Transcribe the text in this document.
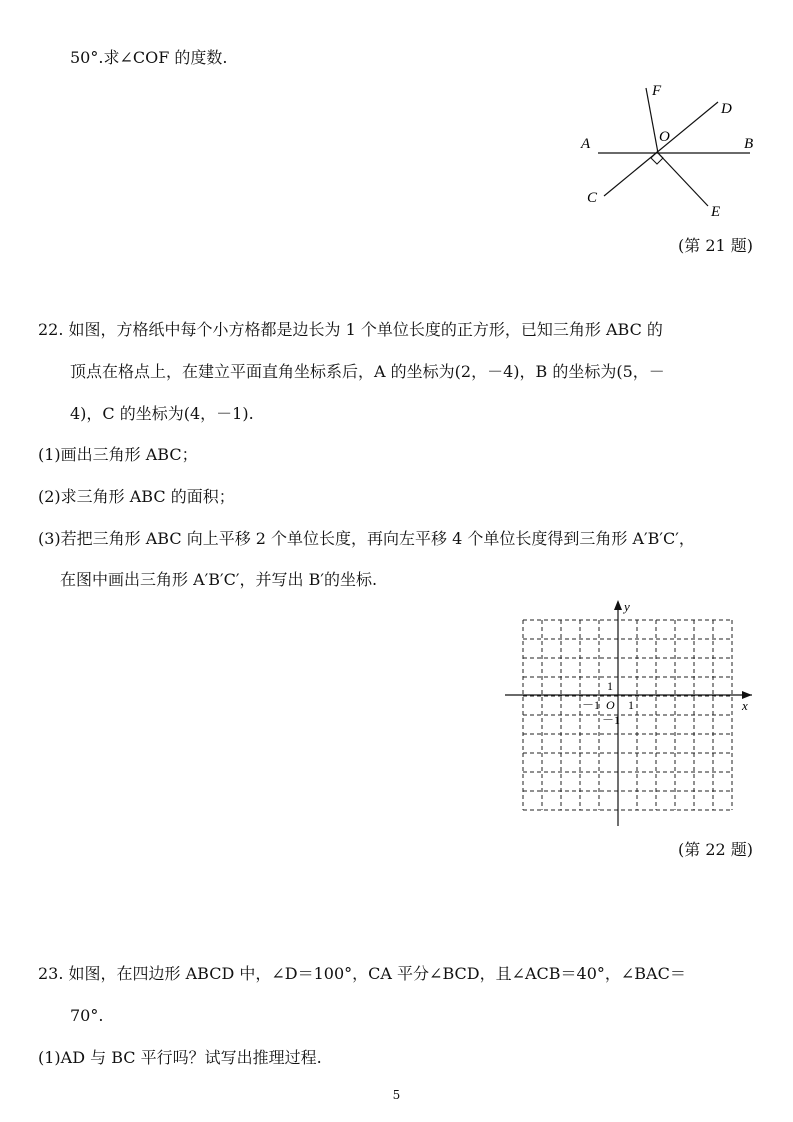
50°.求∠COF 的度数.
A	B
C
D
E
F
O
(第 21 题)
22. 如图，方格纸中每个小方格都是边长为 1 个单位长度的正方形，已知三角形 ABC 的
顶点在格点上，在建立平面直角坐标系后，A 的坐标为(2，－4)，B 的坐标为(5，－
4)，C 的坐标为(4，－1).
(1)画出三角形 ABC；
(2)求三角形 ABC 的面积；
(3)若把三角形 ABC 向上平移 2 个单位长度，再向左平移 4 个单位长度得到三角形 A′B′C′，
在图中画出三角形 A′B′C′，并写出 B′的坐标.
x
y
O 1
1
－1
－1
(第 22 题)
23. 如图，在四边形 ABCD 中，∠D＝100°，CA 平分∠BCD，且∠ACB＝40°，∠BAC＝
70°.
(1)AD 与 BC 平行吗？试写出推理过程.
5
